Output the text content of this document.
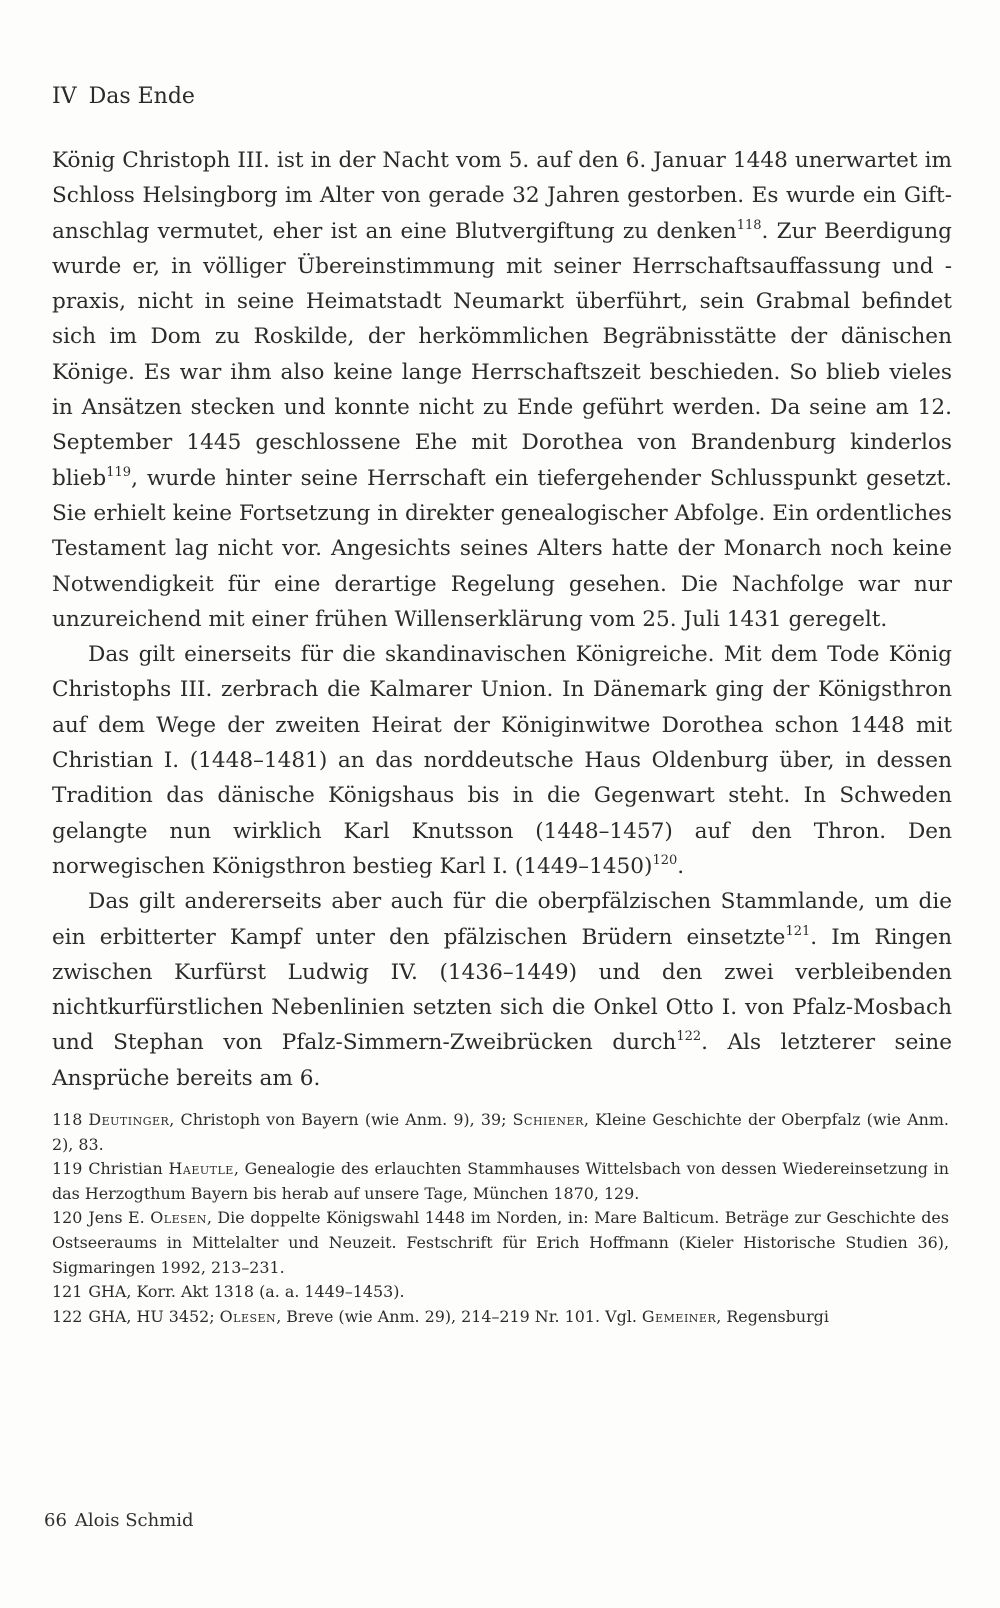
IV Das Ende

König Christoph III. ist in der Nacht vom 5. auf den 6. Januar 1448 unerwartet im Schloss Helsingborg im Alter von gerade 32 Jahren gestorben. Es wurde ein Giftanschlag vermutet, eher ist an eine Blutvergiftung zu denken$^{118}$. Zur Beerdigung wurde er, in völliger Übereinstimmung mit seiner Herrschaftsauffassung und -praxis, nicht in seine Heimatstadt Neumarkt überführt, sein Grabmal befindet sich im Dom zu Roskilde, der herkömmlichen Begräbnisstätte der dänischen Könige. Es war ihm also keine lange Herrschaftszeit beschieden. So blieb vieles in Ansätzen stecken und konnte nicht zu Ende geführt werden. Da seine am 12. September 1445 geschlossene Ehe mit Dorothea von Brandenburg kinderlos blieb$^{119}$, wurde hinter seine Herrschaft ein tiefergehender Schlusspunkt gesetzt. Sie erhielt keine Fortsetzung in direkter genealogischer Abfolge. Ein ordentliches Testament lag nicht vor. Angesichts seines Alters hatte der Monarch noch keine Notwendigkeit für eine derartige Regelung gesehen. Die Nachfolge war nur unzureichend mit einer frühen Willenserklärung vom 25. Juli 1431 geregelt.

Das gilt einerseits für die skandinavischen Königreiche. Mit dem Tode König Christophs III. zerbrach die Kalmarer Union. In Dänemark ging der Königsthron auf dem Wege der zweiten Heirat der Königinwitwe Dorothea schon 1448 mit Christian I. (1448–1481) an das norddeutsche Haus Oldenburg über, in dessen Tradition das dänische Königshaus bis in die Gegenwart steht. In Schweden gelangte nun wirklich Karl Knutsson (1448–1457) auf den Thron. Den norwegischen Königsthron bestieg Karl I. (1449–1450)$^{120}$.

Das gilt andererseits aber auch für die oberpfälzischen Stammlande, um die ein erbitterter Kampf unter den pfälzischen Brüdern einsetzte$^{121}$. Im Ringen zwischen Kurfürst Ludwig IV. (1436–1449) und den zwei verbleibenden nichtkurfürstlichen Nebenlinien setzten sich die Onkel Otto I. von Pfalz-Mosbach und Stephan von Pfalz-Simmern-Zweibrücken durch$^{122}$. Als letzterer seine Ansprüche bereits am 6.

118 Deutinger, Christoph von Bayern (wie Anm. 9), 39; Schiener, Kleine Geschichte der Oberpfalz (wie Anm. 2), 83.

119 Christian Haeutle, Genealogie des erlauchten Stammhauses Wittelsbach von dessen Wiedereinsetzung in das Herzogthum Bayern bis herab auf unsere Tage, München 1870, 129.

120 Jens E. Olesen, Die doppelte Königswahl 1448 im Norden, in: Mare Balticum. Beträge zur Geschichte des Ostseeraums in Mittelalter und Neuzeit. Festschrift für Erich Hoffmann (Kieler Historische Studien 36), Sigmaringen 1992, 213–231.

121 GHA, Korr. Akt 1318 (a. a. 1449–1453).

122 GHA, HU 3452; Olesen, Breve (wie Anm. 29), 214–219 Nr. 101. Vgl. Gemeiner, Regensburgi

66 Alois Schmid
